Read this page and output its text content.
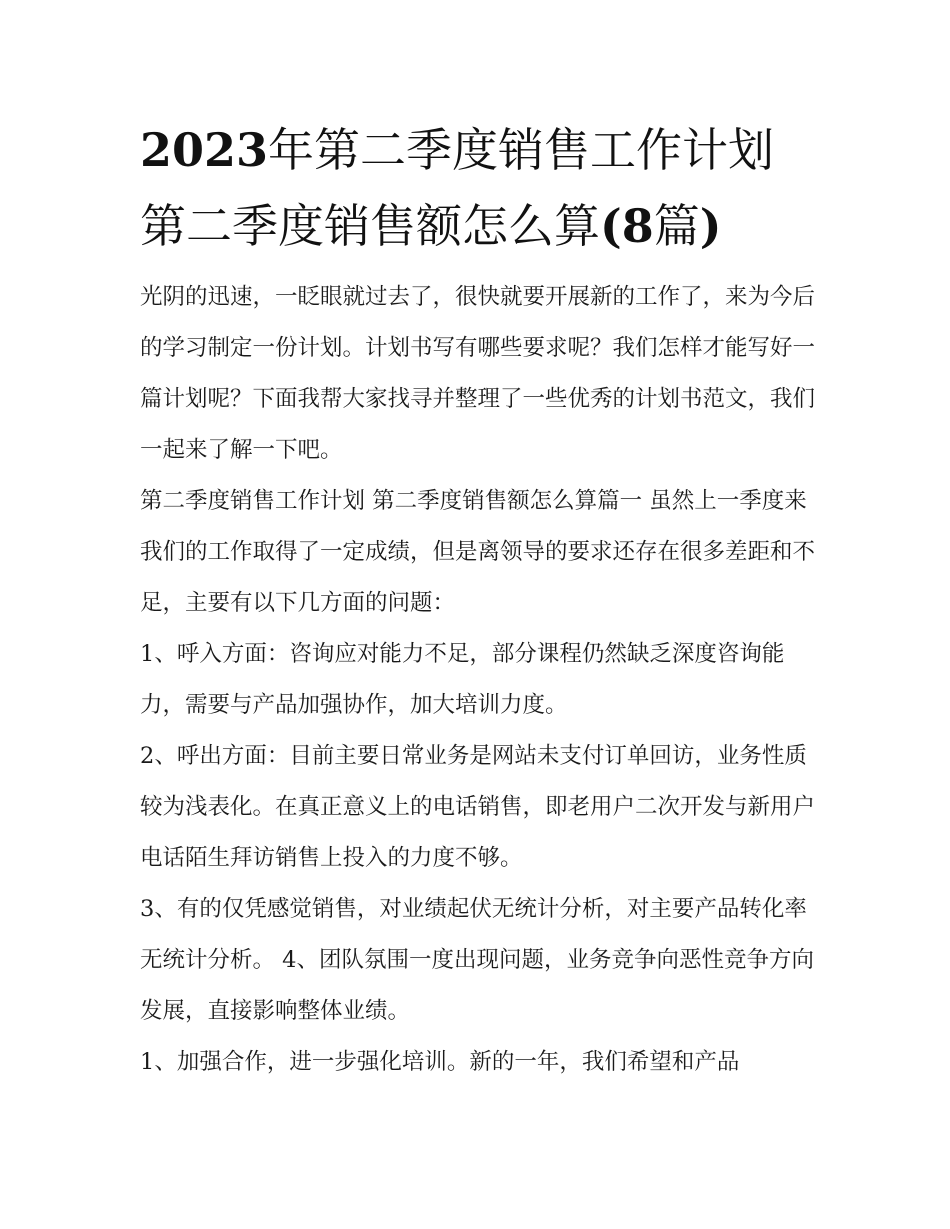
2023年第二季度销售工作计划
第二季度销售额怎么算(8篇)

光阴的迅速，一眨眼就过去了，很快就要开展新的工作了，来为今后的学习制定一份计划。计划书写有哪些要求呢？我们怎样才能写好一篇计划呢？下面我帮大家找寻并整理了一些优秀的计划书范文，我们一起来了解一下吧。

第二季度销售工作计划 第二季度销售额怎么算篇一 虽然上一季度来我们的工作取得了一定成绩，但是离领导的要求还存在很多差距和不足，主要有以下几方面的问题：

1、呼入方面：咨询应对能力不足，部分课程仍然缺乏深度咨询能力，需要与产品加强协作，加大培训力度。

2、呼出方面：目前主要日常业务是网站未支付订单回访，业务性质较为浅表化。在真正意义上的电话销售，即老用户二次开发与新用户电话陌生拜访销售上投入的力度不够。

3、有的仅凭感觉销售，对业绩起伏无统计分析，对主要产品转化率无统计分析。 4、团队氛围一度出现问题，业务竞争向恶性竞争方向发展，直接影响整体业绩。

1、加强合作，进一步强化培训。新的一年，我们希望和产品
